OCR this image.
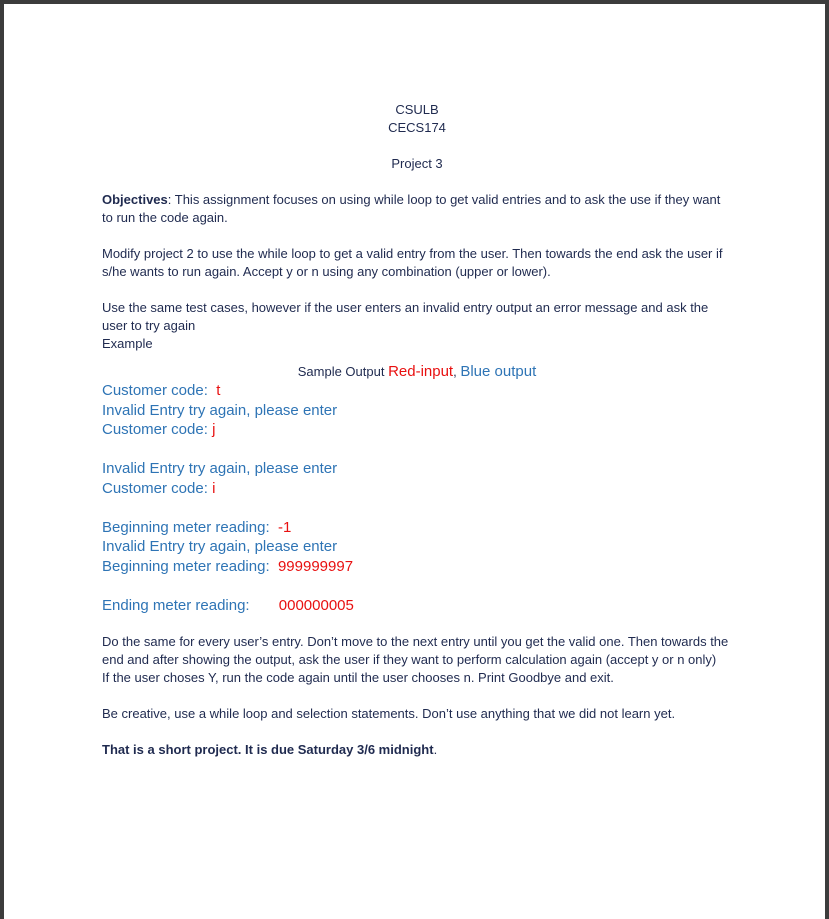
CSULB

CECS174

Project 3

Objectives: This assignment focuses on using while loop to get valid entries and to ask the use if they want to run the code again.

Modify project 2 to use the while loop to get a valid entry from the user. Then towards the end ask the user if s/he wants to run again. Accept y or n using any combination (upper or lower).

Use the same test cases, however if the user enters an invalid entry output an error message and ask the user to try again

Example

Sample Output Red-input, Blue output

Customer code: t

Invalid Entry try again, please enter

Customer code: j

Invalid Entry try again, please enter

Customer code: i

Beginning meter reading: -1

Invalid Entry try again, please enter

Beginning meter reading: 999999997

Ending meter reading: 000000005

Do the same for every user’s entry. Don’t move to the next entry until you get the valid one. Then towards the end and after showing the output, ask the user if they want to perform calculation again (accept y or n only)

If the user choses Y, run the code again until the user chooses n. Print Goodbye and exit.

Be creative, use a while loop and selection statements. Don’t use anything that we did not learn yet.

That is a short project. It is due Saturday 3/6 midnight.
